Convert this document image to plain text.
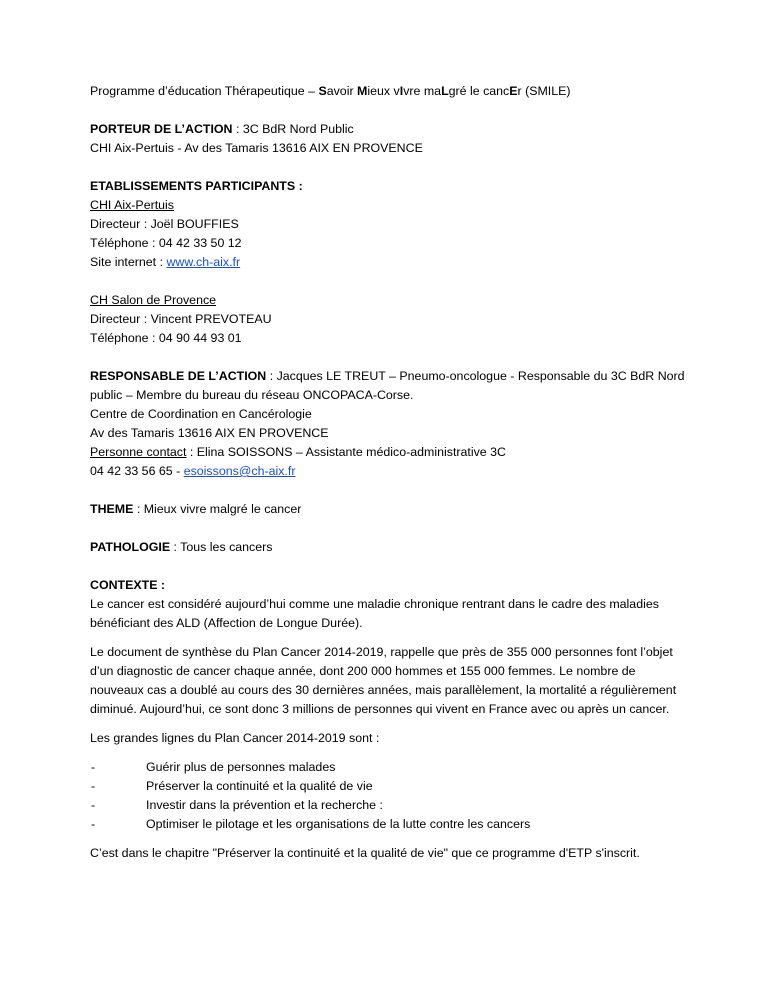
Programme d’éducation Thérapeutique – Savoir Mieux vIvre maLgré le cancEr (SMILE)

PORTEUR DE L’ACTION : 3C BdR Nord Public

CHI Aix-Pertuis - Av des Tamaris 13616 AIX EN PROVENCE

ETABLISSEMENTS PARTICIPANTS :

CHI Aix-Pertuis

Directeur : Joël BOUFFIES

Téléphone : 04 42 33 50 12

Site internet : www.ch-aix.fr

CH Salon de Provence

Directeur : Vincent PREVOTEAU

Téléphone : 04 90 44 93 01

RESPONSABLE DE L’ACTION : Jacques LE TREUT – Pneumo-oncologue - Responsable du 3C BdR Nord

public – Membre du bureau du réseau ONCOPACA-Corse.

Centre de Coordination en Cancérologie

Av des Tamaris 13616 AIX EN PROVENCE

Personne contact : Elina SOISSONS – Assistante médico-administrative 3C

04 42 33 56 65 - esoissons@ch-aix.fr

THEME : Mieux vivre malgré le cancer

PATHOLOGIE : Tous les cancers

CONTEXTE :

Le cancer est considéré aujourd’hui comme une maladie chronique rentrant dans le cadre des maladies bénéficiant des ALD (Affection de Longue Durée).

Le document de synthèse du Plan Cancer 2014-2019, rappelle que près de 355 000 personnes font l’objet d’un diagnostic de cancer chaque année, dont 200 000 hommes et 155 000 femmes. Le nombre de nouveaux cas a doublé au cours des 30 dernières années, mais parallèlement, la mortalité a régulièrement diminué. Aujourd’hui, ce sont donc 3 millions de personnes qui vivent en France avec ou après un cancer.

Les grandes lignes du Plan Cancer 2014-2019 sont :

-	Guérir plus de personnes malades
-	Préserver la continuité et la qualité de vie
-	Investir dans la prévention et la recherche :
-	Optimiser le pilotage et les organisations de la lutte contre les cancers

C’est dans le chapitre "Préserver la continuité et la qualité de vie" que ce programme d'ETP s'inscrit.
